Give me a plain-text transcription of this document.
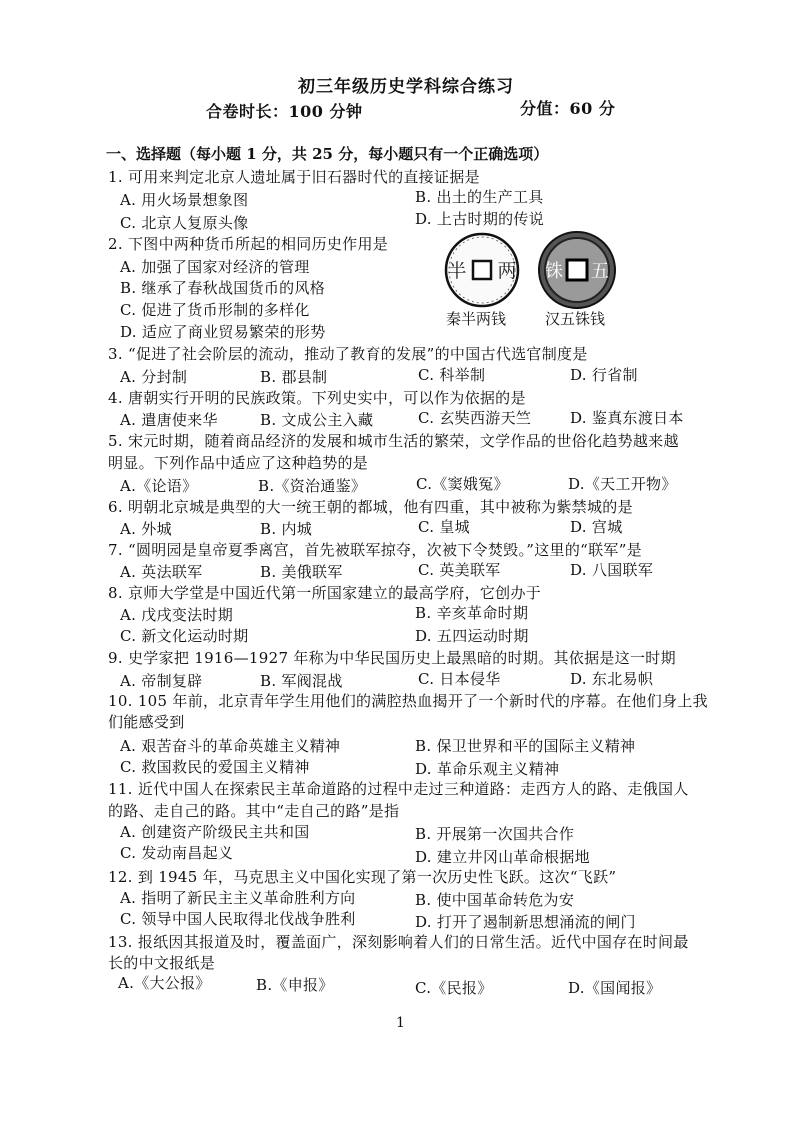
初三年级历史学科综合练习
合卷时长：100 分钟	分值：60 分
一、选择题（每小题 1 分，共 25 分，每小题只有一个正确选项）
1. 可用来判定北京人遗址属于旧石器时代的直接证据是
A. 用火场景想象图	B. 出土的生产工具
C. 北京人复原头像	D. 上古时期的传说
2. 下图中两种货币所起的相同历史作用是
A. 加强了国家对经济的管理
B. 继承了春秋战国货币的风格
C. 促进了货币形制的多样化
D. 适应了商业贸易繁荣的形势
半 两 铢 五
秦半两钱	汉五铢钱
3. “促进了社会阶层的流动，推动了教育的发展”的中国古代选官制度是
A. 分封制	B. 郡县制	C. 科举制	D. 行省制
4. 唐朝实行开明的民族政策。下列史实中，可以作为依据的是
A. 遣唐使来华	B. 文成公主入藏	C. 玄奘西游天竺	D. 鉴真东渡日本
5. 宋元时期，随着商品经济的发展和城市生活的繁荣，文学作品的世俗化趋势越来越
明显。下列作品中适应了这种趋势的是
A.《论语》	B.《资治通鉴》	C.《窦娥冤》	D.《天工开物》
6. 明朝北京城是典型的大一统王朝的都城，他有四重，其中被称为紫禁城的是
A. 外城	B. 内城	C. 皇城	D. 宫城
7. “圆明园是皇帝夏季离宫，首先被联军掠夺，次被下令焚毁。”这里的“联军”是
A. 英法联军	B. 美俄联军	C. 英美联军	D. 八国联军
8. 京师大学堂是中国近代第一所国家建立的最高学府，它创办于
A. 戊戌变法时期	B. 辛亥革命时期
C. 新文化运动时期	D. 五四运动时期
9. 史学家把 1916—1927 年称为中华民国历史上最黑暗的时期。其依据是这一时期
A. 帝制复辟	B. 军阀混战	C. 日本侵华	D. 东北易帜
10. 105 年前，北京青年学生用他们的满腔热血揭开了一个新时代的序幕。在他们身上我
们能感受到
A. 艰苦奋斗的革命英雄主义精神	B. 保卫世界和平的国际主义精神
C. 救国救民的爱国主义精神	D. 革命乐观主义精神
11. 近代中国人在探索民主革命道路的过程中走过三种道路：走西方人的路、走俄国人
的路、走自己的路。其中“走自己的路”是指
A. 创建资产阶级民主共和国	B. 开展第一次国共合作
C. 发动南昌起义	D. 建立井冈山革命根据地
12. 到 1945 年，马克思主义中国化实现了第一次历史性飞跃。这次“飞跃”
A. 指明了新民主主义革命胜利方向	B. 使中国革命转危为安
C. 领导中国人民取得北伐战争胜利	D. 打开了遏制新思想涌流的闸门
13. 报纸因其报道及时，覆盖面广，深刻影响着人们的日常生活。近代中国存在时间最
长的中文报纸是
A.《大公报》	B.《申报》	C.《民报》	D.《国闻报》
1
